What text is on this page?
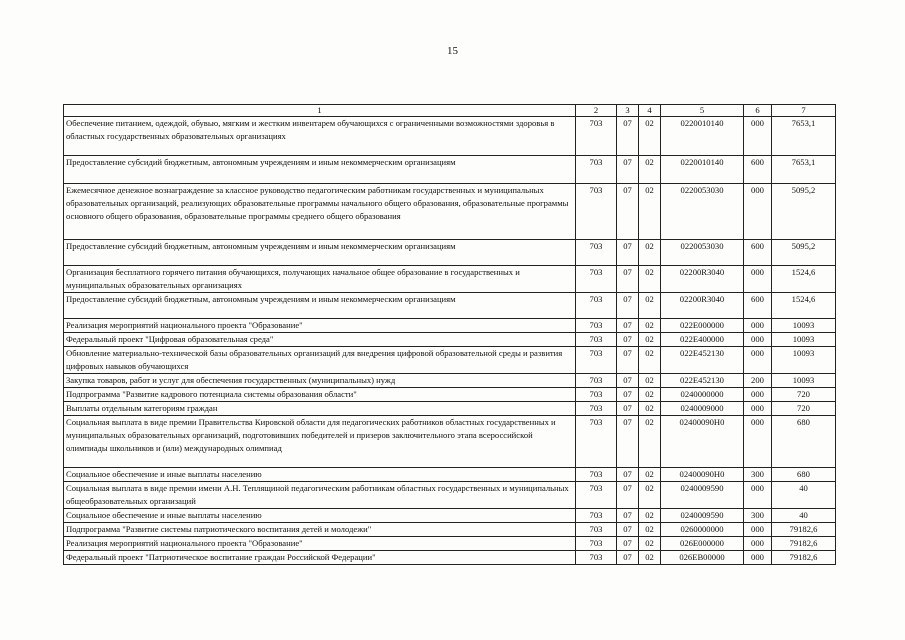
15
1	2	3	4	5	6	7
Обеспечение питанием, одеждой, обувью, мягким и жестким инвентарем обучающихся с ограниченными возможностями здоровья в областных государственных образовательных организациях	703	07	02	0220010140	000	7653,1
Предоставление субсидий бюджетным, автономным учреждениям и иным некоммерческим организациям	703	07	02	0220010140	600	7653,1
Ежемесячное денежное вознаграждение за классное руководство педагогическим работникам государственных и муниципальных образовательных организаций, реализующих образовательные программы начального общего образования, образовательные программы основного общего образования, образовательные программы среднего общего образования	703	07	02	0220053030	000	5095,2
Предоставление субсидий бюджетным, автономным учреждениям и иным некоммерческим организациям	703	07	02	0220053030	600	5095,2
Организация бесплатного горячего питания обучающихся, получающих начальное общее образование в государственных и муниципальных образовательных организациях	703	07	02	02200R3040	000	1524,6
Предоставление субсидий бюджетным, автономным учреждениям и иным некоммерческим организациям	703	07	02	02200R3040	600	1524,6
Реализация мероприятий национального проекта "Образование"	703	07	02	022E000000	000	10093
Федеральный проект "Цифровая образовательная среда"	703	07	02	022E400000	000	10093
Обновление материально-технической базы образовательных организаций для внедрения цифровой образовательной среды и развития цифровых навыков обучающихся	703	07	02	022E452130	000	10093
Закупка товаров, работ и услуг для обеспечения государственных (муниципальных) нужд	703	07	02	022E452130	200	10093
Подпрограмма "Развитие кадрового потенциала системы образования области"	703	07	02	0240000000	000	720
Выплаты отдельным категориям граждан	703	07	02	0240009000	000	720
Социальная выплата в виде премии Правительства Кировской области для педагогических работников областных государственных и муниципальных образовательных организаций, подготовивших победителей и призеров заключительного этапа всероссийской олимпиады школьников и (или) международных олимпиад	703	07	02	02400090Н0	000	680
Социальное обеспечение и иные выплаты населению	703	07	02	02400090Н0	300	680
Социальная выплата в виде премии имени А.Н. Теплящиной педагогическим работникам областных государственных и муниципальных общеобразовательных организаций	703	07	02	0240009590	000	40
Социальное обеспечение и иные выплаты населению	703	07	02	0240009590	300	40
Подпрограмма "Развитие системы патриотического воспитания детей и молодежи"	703	07	02	0260000000	000	79182,6
Реализация мероприятий национального проекта "Образование"	703	07	02	026E000000	000	79182,6
Федеральный проект "Патриотическое воспитание граждан Российской Федерации"	703	07	02	026EB00000	000	79182,6
